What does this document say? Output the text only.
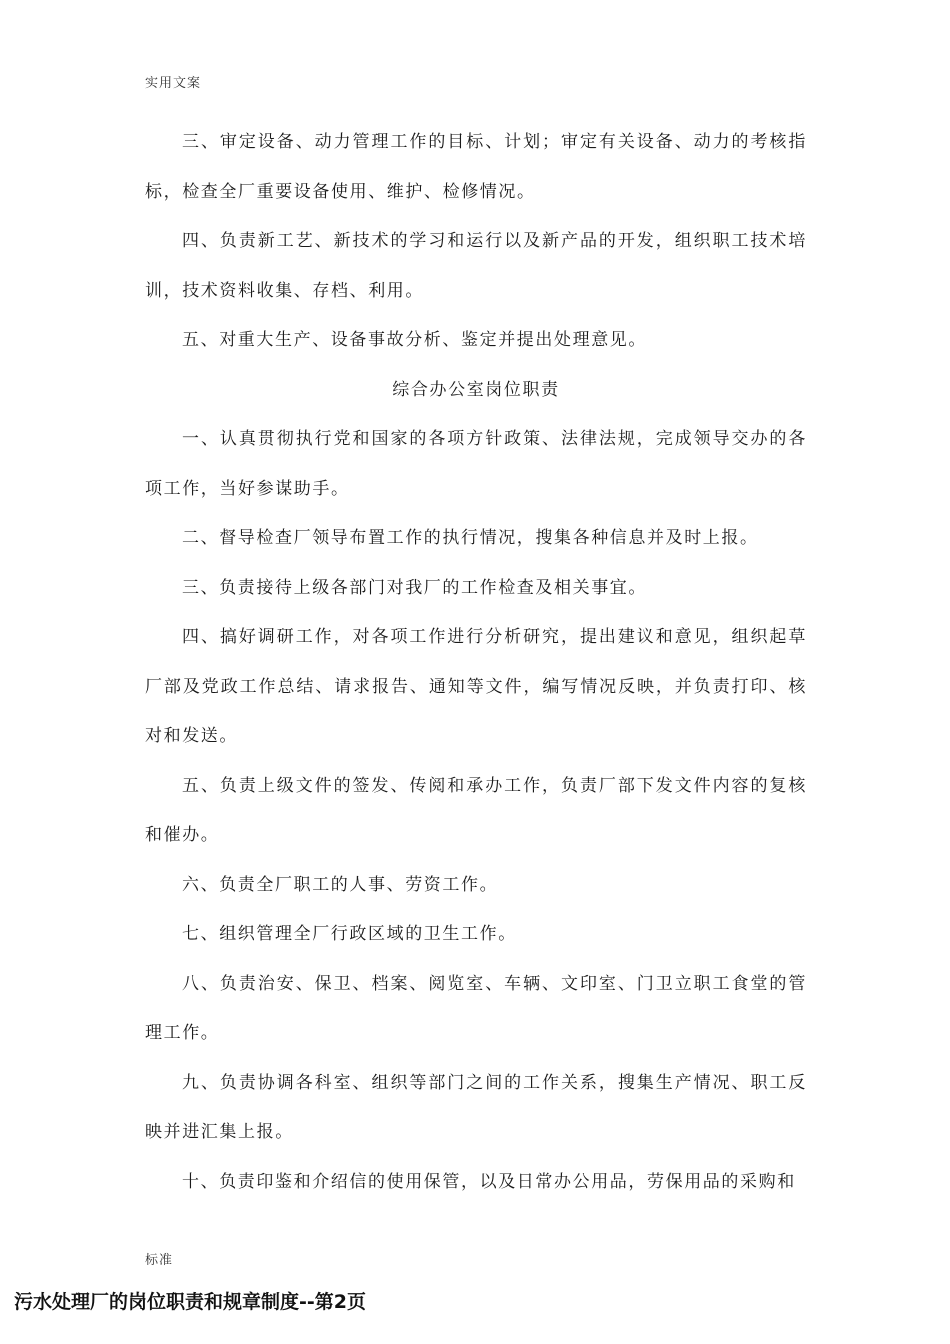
实用文案

三、审定设备、动力管理工作的目标、计划；审定有关设备、动力的考核指标，检查全厂重要设备使用、维护、检修情况。

四、负责新工艺、新技术的学习和运行以及新产品的开发，组织职工技术培训，技术资料收集、存档、利用。

五、对重大生产、设备事故分析、鉴定并提出处理意见。

综合办公室岗位职责

一、认真贯彻执行党和国家的各项方针政策、法律法规，完成领导交办的各项工作，当好参谋助手。

二、督导检查厂领导布置工作的执行情况，搜集各种信息并及时上报。

三、负责接待上级各部门对我厂的工作检查及相关事宜。

四、搞好调研工作，对各项工作进行分析研究，提出建议和意见，组织起草厂部及党政工作总结、请求报告、通知等文件，编写情况反映，并负责打印、核对和发送。

五、负责上级文件的签发、传阅和承办工作，负责厂部下发文件内容的复核和催办。

六、负责全厂职工的人事、劳资工作。

七、组织管理全厂行政区域的卫生工作。

八、负责治安、保卫、档案、阅览室、车辆、文印室、门卫立职工食堂的管理工作。

九、负责协调各科室、组织等部门之间的工作关系，搜集生产情况、职工反映并进汇集上报。

十、负责印鉴和介绍信的使用保管，以及日常办公用品，劳保用品的采购和

标准
污水处理厂的岗位职责和规章制度--第2页
